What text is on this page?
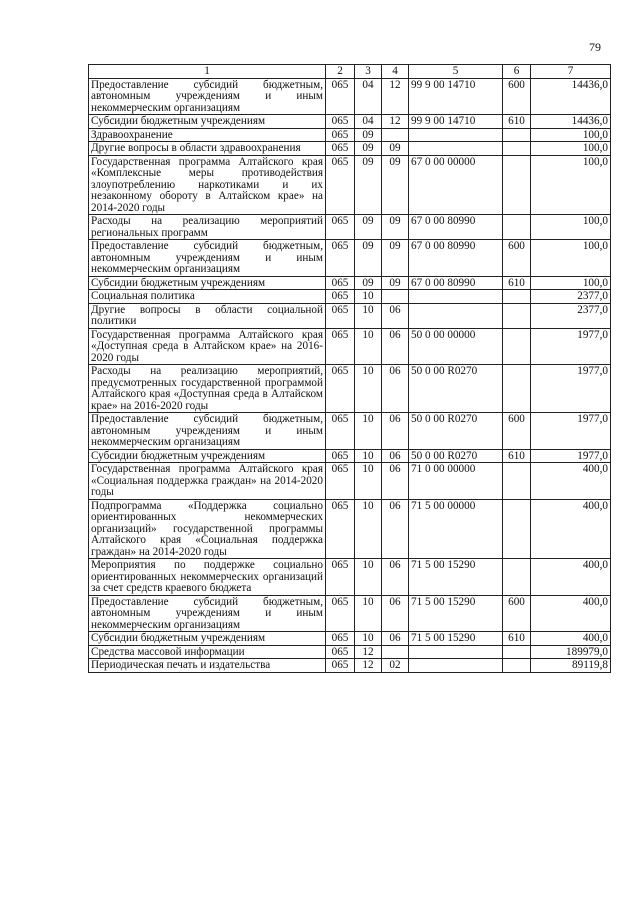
79
1	2	3	4	5	6	7
Предоставление субсидий бюджетным, автономным учреждениям и иным некоммерческим организациям	065	04	12	99 9 00 14710	600	14436,0
Субсидии бюджетным учреждениям	065	04	12	99 9 00 14710	610	14436,0
Здравоохранение	065	09				100,0
Другие вопросы в области здравоохранения	065	09	09			100,0
Государственная программа Алтайского края «Комплексные меры противодействия злоупотреблению наркотиками и их незаконному обороту в Алтайском крае» на 2014-2020 годы	065	09	09	67 0 00 00000		100,0
Расходы на реализацию мероприятий региональных программ	065	09	09	67 0 00 80990		100,0
Предоставление субсидий бюджетным, автономным учреждениям и иным некоммерческим организациям	065	09	09	67 0 00 80990	600	100,0
Субсидии бюджетным учреждениям	065	09	09	67 0 00 80990	610	100,0
Социальная политика	065	10				2377,0
Другие вопросы в области социальной политики	065	10	06			2377,0
Государственная программа Алтайского края «Доступная среда в Алтайском крае» на 2016-2020 годы	065	10	06	50 0 00 00000		1977,0
Расходы на реализацию мероприятий, предусмотренных государственной программой Алтайского края «Доступная среда в Алтайском крае» на 2016-2020 годы	065	10	06	50 0 00 R0270		1977,0
Предоставление субсидий бюджетным, автономным учреждениям и иным некоммерческим организациям	065	10	06	50 0 00 R0270	600	1977,0
Субсидии бюджетным учреждениям	065	10	06	50 0 00 R0270	610	1977,0
Государственная программа Алтайского края «Социальная поддержка граждан» на 2014-2020 годы	065	10	06	71 0 00 00000		400,0
Подпрограмма «Поддержка социально ориентированных некоммерческих организаций» государственной программы Алтайского края «Социальная поддержка граждан» на 2014-2020 годы	065	10	06	71 5 00 00000		400,0
Мероприятия по поддержке социально ориентированных некоммерческих организаций за счет средств краевого бюджета	065	10	06	71 5 00 15290		400,0
Предоставление субсидий бюджетным, автономным учреждениям и иным некоммерческим организациям	065	10	06	71 5 00 15290	600	400,0
Субсидии бюджетным учреждениям	065	10	06	71 5 00 15290	610	400,0
Средства массовой информации	065	12				189979,0
Периодическая печать и издательства	065	12	02			89119,8
